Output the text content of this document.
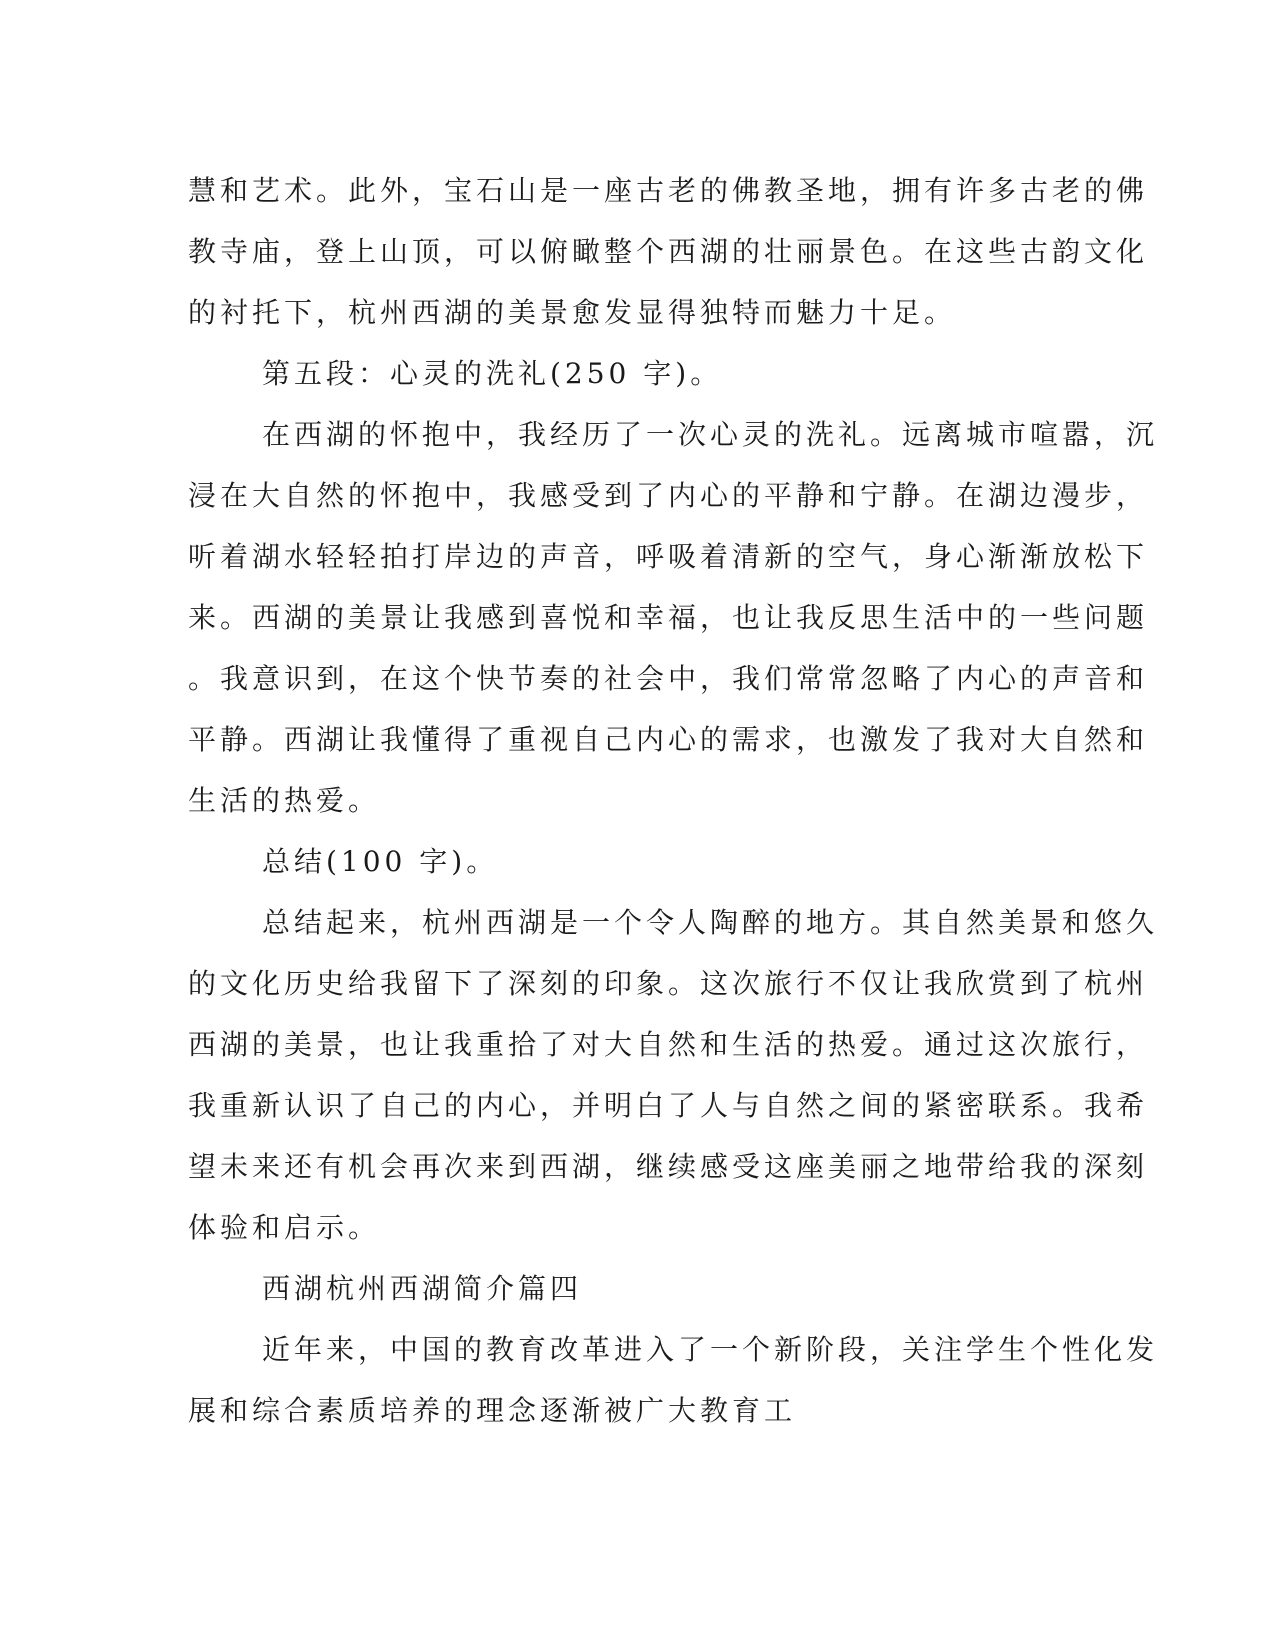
慧和艺术。此外，宝石山是一座古老的佛教圣地，拥有许多古老的佛
教寺庙，登上山顶，可以俯瞰整个西湖的壮丽景色。在这些古韵文化
的衬托下，杭州西湖的美景愈发显得独特而魅力十足。
第五段：心灵的洗礼(250 字)。
在西湖的怀抱中，我经历了一次心灵的洗礼。远离城市喧嚣，沉
浸在大自然的怀抱中，我感受到了内心的平静和宁静。在湖边漫步，
听着湖水轻轻拍打岸边的声音，呼吸着清新的空气，身心渐渐放松下
来。西湖的美景让我感到喜悦和幸福，也让我反思生活中的一些问题
。我意识到，在这个快节奏的社会中，我们常常忽略了内心的声音和
平静。西湖让我懂得了重视自己内心的需求，也激发了我对大自然和
生活的热爱。
总结(100 字)。
总结起来，杭州西湖是一个令人陶醉的地方。其自然美景和悠久
的文化历史给我留下了深刻的印象。这次旅行不仅让我欣赏到了杭州
西湖的美景，也让我重拾了对大自然和生活的热爱。通过这次旅行，
我重新认识了自己的内心，并明白了人与自然之间的紧密联系。我希
望未来还有机会再次来到西湖，继续感受这座美丽之地带给我的深刻
体验和启示。
西湖杭州西湖简介篇四
近年来，中国的教育改革进入了一个新阶段，关注学生个性化发
展和综合素质培养的理念逐渐被广大教育工
